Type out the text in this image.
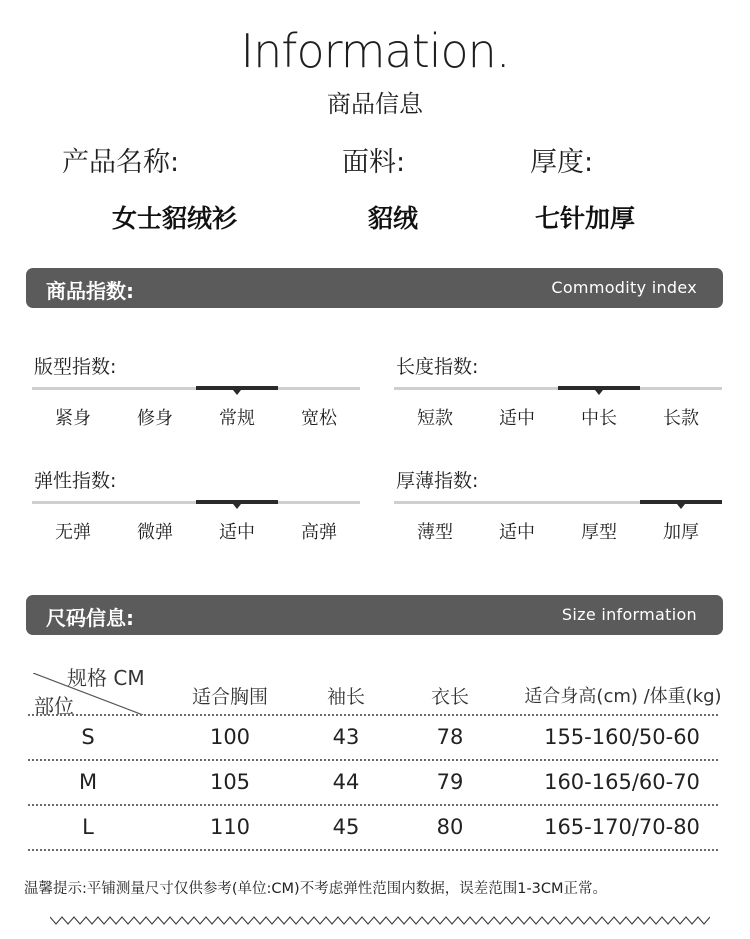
Information.
商品信息
产品名称:	面料:	厚度:
女士貂绒衫	貂绒	七针加厚
商品指数:	Commodity index
版型指数:
紧身	修身	常规	宽松
长度指数:
短款	适中	中长	长款
弹性指数:
无弹	微弹	适中	高弹
厚薄指数:
薄型	适中	厚型	加厚
尺码信息:	Size information
规格 CM
部位	适合胸围	袖长	衣长	适合身高(cm) /体重(kg)
S	100	43	78	155-160/50-60
M	105	44	79	160-165/60-70
L	110	45	80	165-170/70-80
温馨提示:平铺测量尺寸仅供参考(单位:CM)不考虑弹性范围内数据，误差范围1-3CM正常。
